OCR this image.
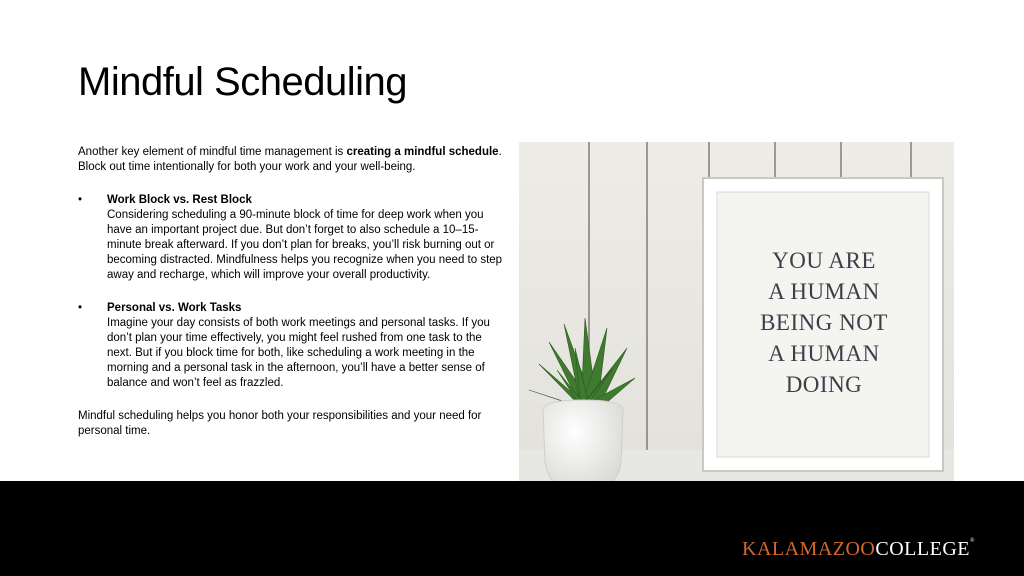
Mindful Scheduling

Another key element of mindful time management is creating a mindful schedule. Block out time intentionally for both your work and your well-being.

• Work Block vs. Rest Block
Considering scheduling a 90-minute block of time for deep work when you have an important project due. But don’t forget to also schedule a 10–15-minute break afterward. If you don’t plan for breaks, you’ll risk burning out or becoming distracted. Mindfulness helps you recognize when you need to step away and recharge, which will improve your overall productivity.
• Personal vs. Work Tasks
Imagine your day consists of both work meetings and personal tasks. If you don’t plan your time effectively, you might feel rushed from one task to the next. But if you block time for both, like scheduling a work meeting in the morning and a personal task in the afternoon, you’ll have a better sense of balance and won’t feel as frazzled.

Mindful scheduling helps you honor both your responsibilities and your need for personal time.

YOU ARE
A HUMAN
BEING NOT
A HUMAN
DOING
KALAMAZOOCOLLEGE®
